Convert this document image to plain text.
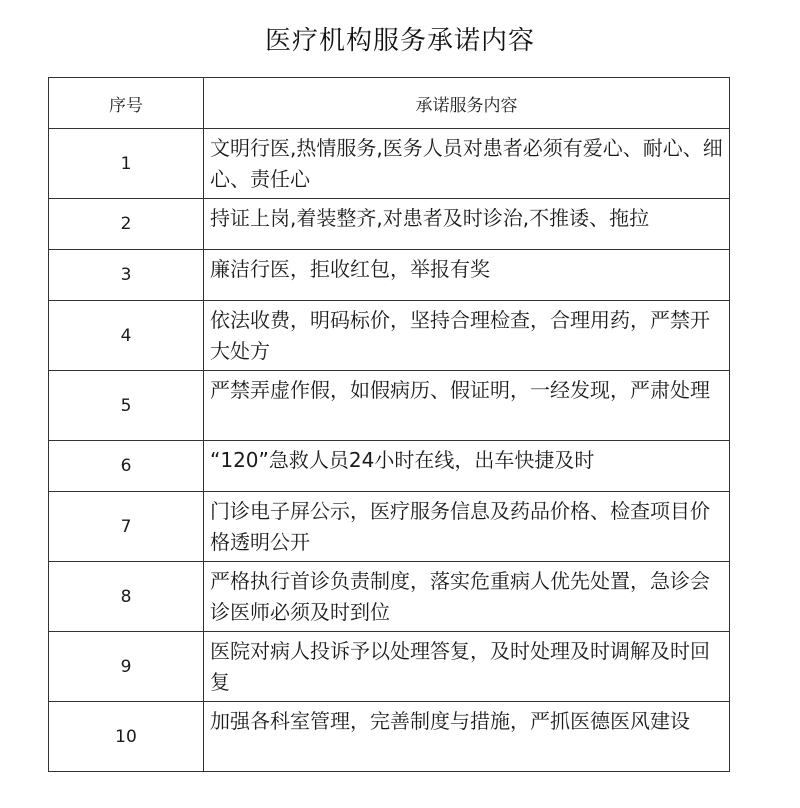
医疗机构服务承诺内容
序号	承诺服务内容
1	文明行医,热情服务,医务人员对患者必须有爱心、耐心、细心、责任心
2	持证上岗,着装整齐,对患者及时诊治,不推诿、拖拉
3	廉洁行医，拒收红包，举报有奖
4	依法收费，明码标价，坚持合理检查，合理用药，严禁开大处方
5	严禁弄虚作假，如假病历、假证明，一经发现，严肃处理
6	“120”急救人员24小时在线，出车快捷及时
7	门诊电子屏公示，医疗服务信息及药品价格、检查项目价格透明公开
8	严格执行首诊负责制度，落实危重病人优先处置，急诊会诊医师必须及时到位
9	医院对病人投诉予以处理答复，及时处理及时调解及时回复
10	加强各科室管理，完善制度与措施，严抓医德医风建设
